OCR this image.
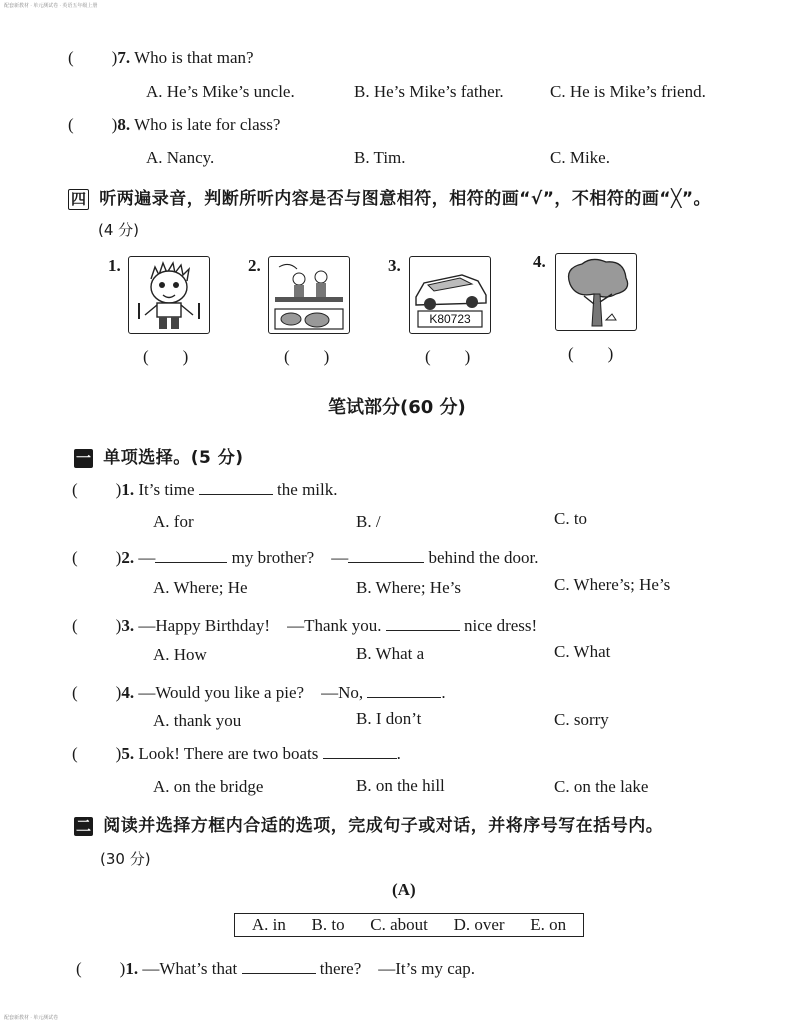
配套新教材 · 单元测试卷 · 英语五年级上册
( ) 7. Who is that man?
A. He’s Mike’s uncle.	B. He’s Mike’s father.	C. He is Mike’s friend.
( ) 8. Who is late for class?
A. Nancy.	B. Tim.	C. Mike.
四 听两遍录音，判断所听内容是否与图意相符，相符的画“√”，不相符的画“╳”。
(4 分)
1.
(　　)
2.
(　　)
3.
K80723
(　　)
4.
(　　)
笔试部分(60 分)
一 单项选择。(5 分)
( )1. It’s time	the milk.
A. for	B. /	C. to
( )2. —	my brother?　—	behind the door.
A. Where; He	B. Where; He’s	C. Where’s; He’s
( )3. —Happy Birthday!　—Thank you.	nice dress!
A. How	B. What a	C. What
( )4. —Would you like a pie?　—No,	.
A. thank you	B. I don’t	C. sorry
( )5. Look! There are two boats	.
A. on the bridge	B. on the hill	C. on the lake
二 阅读并选择方框内合适的选项，完成句子或对话，并将序号写在括号内。
(30 分)
(A)
A. in B. to C. about D. over E. on
( )1. —What’s that	there?　—It’s my cap.
配套新教材 · 单元测试卷
